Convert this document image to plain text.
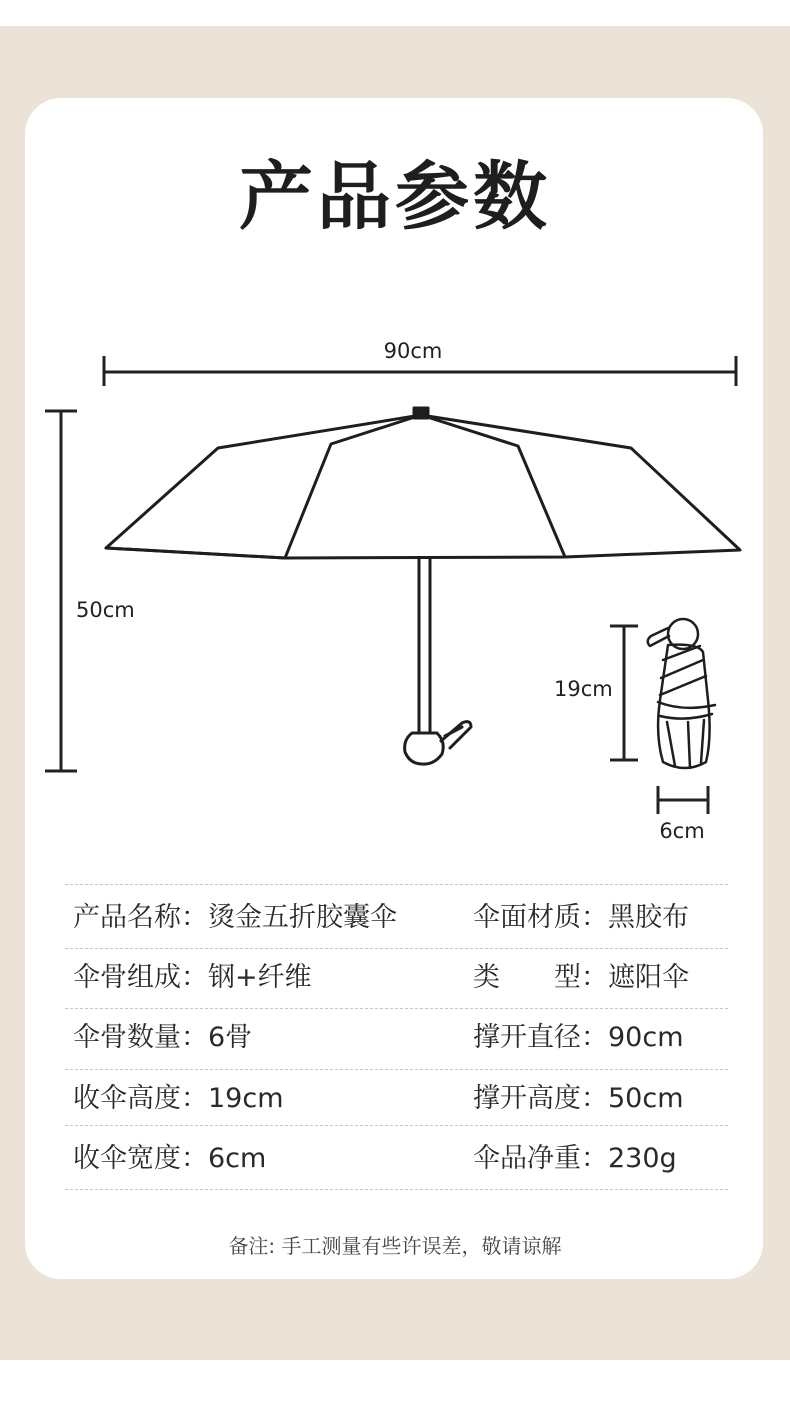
产品参数
90cm
50cm
19cm
6cm
产品名称：烫金五折胶囊伞	伞面材质：黑胶布
伞骨组成：钢+纤维	类　　型：遮阳伞
伞骨数量：6骨	撑开直径：90cm
收伞高度：19cm	撑开高度：50cm
收伞宽度：6cm	伞品净重：230g
备注: 手工测量有些许误差，敬请谅解
